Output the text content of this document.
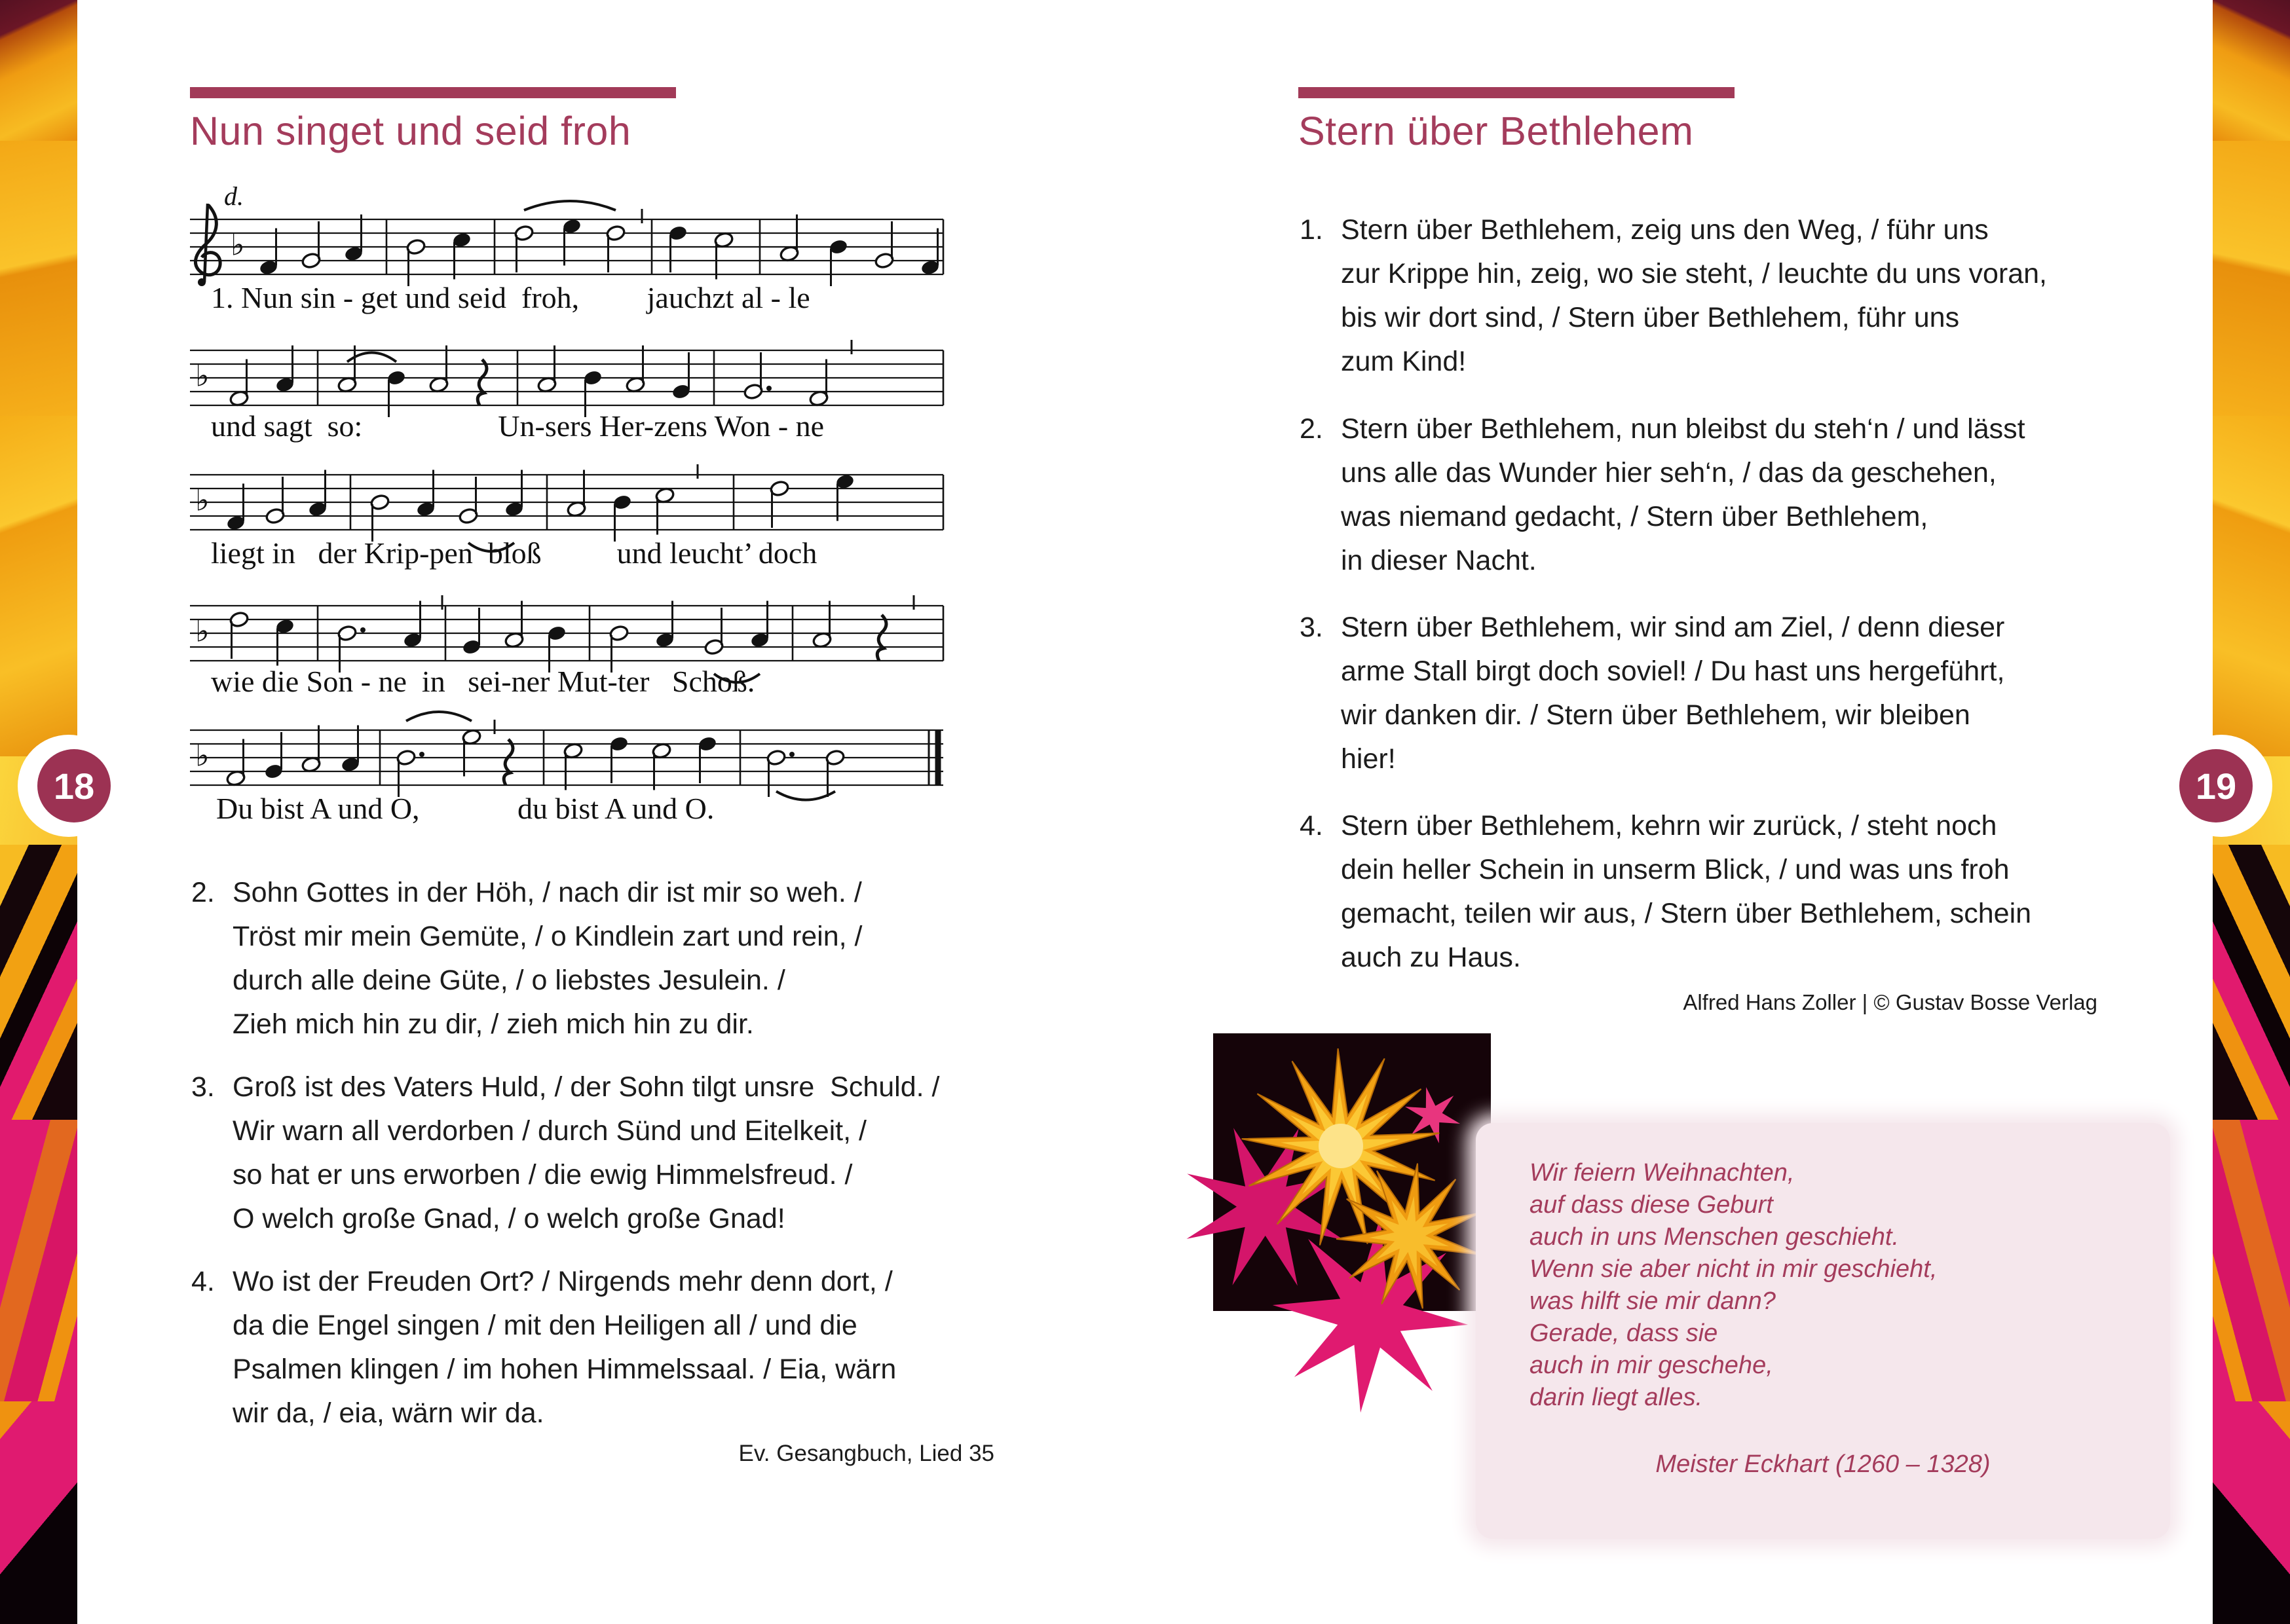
18	19
Nun singet und seid froh
d.
♭
♭
♭
♭
♭
1. Nun sin - get und seid  froh,         jauchzt al - le
und sagt  so:                  Un-sers Her-zens Won - ne
liegt in   der Krip-pen  bloß          und leucht’ doch
wie die Son - ne  in   sei-ner Mut-ter   Schoß.
Du bist A und O,             du bist A und O.
2. Sohn Gottes in der Höh, / nach dir ist mir so weh. /
Tröst mir mein Gemüte, / o Kindlein zart und rein, /
durch alle deine Güte, / o liebstes Jesulein. /
Zieh mich hin zu dir, / zieh mich hin zu dir.
3. Groß ist des Vaters Huld, / der Sohn tilgt unsre  Schuld. /
Wir warn all verdorben / durch Sünd und Eitelkeit, /
so hat er uns erworben / die ewig Himmelsfreud. /
O welch große Gnad, / o welch große Gnad!
4. Wo ist der Freuden Ort? / Nirgends mehr denn dort, /
da die Engel singen / mit den Heiligen all / und die
Psalmen klingen / im hohen Himmelssaal. / Eia, wärn
wir da, / eia, wärn wir da.
Ev. Gesangbuch, Lied 35
Stern über Bethlehem
1. Stern über Bethlehem, zeig uns den Weg, / führ uns
zur Krippe hin, zeig, wo sie steht, / leuchte du uns voran,
bis wir dort sind, / Stern über Bethlehem, führ uns
zum Kind!
2. Stern über Bethlehem, nun bleibst du steh‘n / und lässt
uns alle das Wunder hier seh‘n, / das da geschehen,
was niemand gedacht, / Stern über Bethlehem,
in dieser Nacht.
3. Stern über Bethlehem, wir sind am Ziel, / denn dieser
arme Stall birgt doch soviel! / Du hast uns hergeführt,
wir danken dir. / Stern über Bethlehem, wir bleiben
hier!
4. Stern über Bethlehem, kehrn wir zurück, / steht noch
dein heller Schein in unserm Blick, / und was uns froh
gemacht, teilen wir aus, / Stern über Bethlehem, schein
auch zu Haus.
Alfred Hans Zoller | © Gustav Bosse Verlag
Wir feiern Weihnachten,
auf dass diese Geburt
auch in uns Menschen geschieht.
Wenn sie aber nicht in mir geschieht,
was hilft sie mir dann?
Gerade, dass sie
auch in mir geschehe,
darin liegt alles.
Meister Eckhart (1260 – 1328)
